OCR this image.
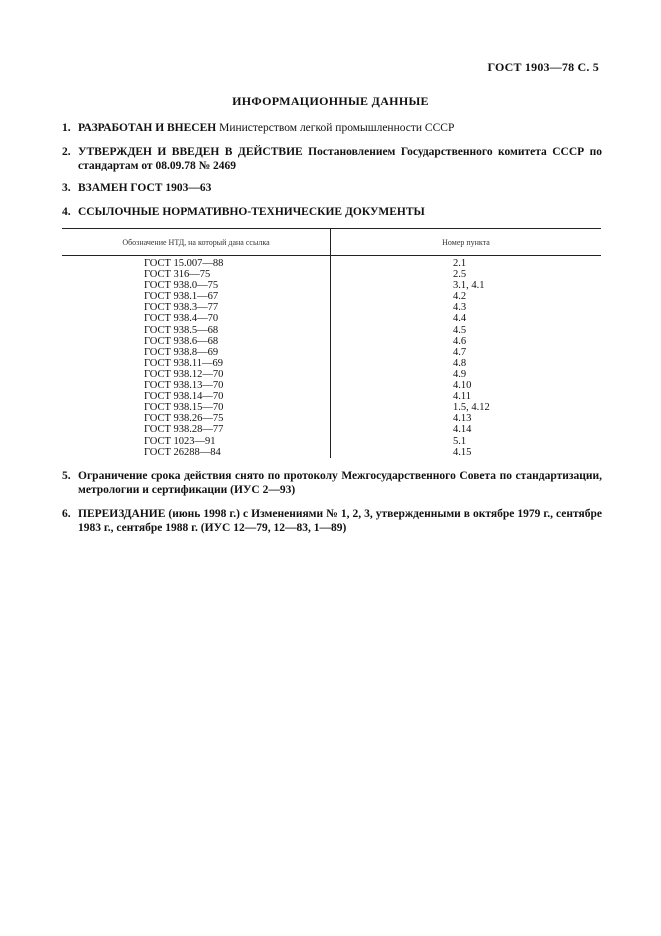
ГОСТ 1903—78 С. 5
ИНФОРМАЦИОННЫЕ ДАННЫЕ
1. РАЗРАБОТАН И ВНЕСЕН Министерством легкой промышленности СССР
2. УТВЕРЖДЕН И ВВЕДЕН В ДЕЙСТВИЕ Постановлением Государственного комитета СССР по стандартам от 08.09.78 № 2469
3. ВЗАМЕН ГОСТ 1903—63
4. ССЫЛОЧНЫЕ НОРМАТИВНО-ТЕХНИЧЕСКИЕ ДОКУМЕНТЫ
Обозначение НТД, на который дана ссылка	Номер пункта
ГОСТ 15.007—88	2.1
ГОСТ 316—75	2.5
ГОСТ 938.0—75	3.1, 4.1
ГОСТ 938.1—67	4.2
ГОСТ 938.3—77	4.3
ГОСТ 938.4—70	4.4
ГОСТ 938.5—68	4.5
ГОСТ 938.6—68	4.6
ГОСТ 938.8—69	4.7
ГОСТ 938.11—69	4.8
ГОСТ 938.12—70	4.9
ГОСТ 938.13—70	4.10
ГОСТ 938.14—70	4.11
ГОСТ 938.15—70	1.5, 4.12
ГОСТ 938.26—75	4.13
ГОСТ 938.28—77	4.14
ГОСТ 1023—91	5.1
ГОСТ 26288—84	4.15
5. Ограничение срока действия снято по протоколу Межгосударственного Совета по стандартизации, метрологии и сертификации (ИУС 2—93)
6. ПЕРЕИЗДАНИЕ (июнь 1998 г.) с Изменениями № 1, 2, 3, утвержденными в октябре 1979 г., сентябре 1983 г., сентябре 1988 г. (ИУС 12—79, 12—83, 1—89)
